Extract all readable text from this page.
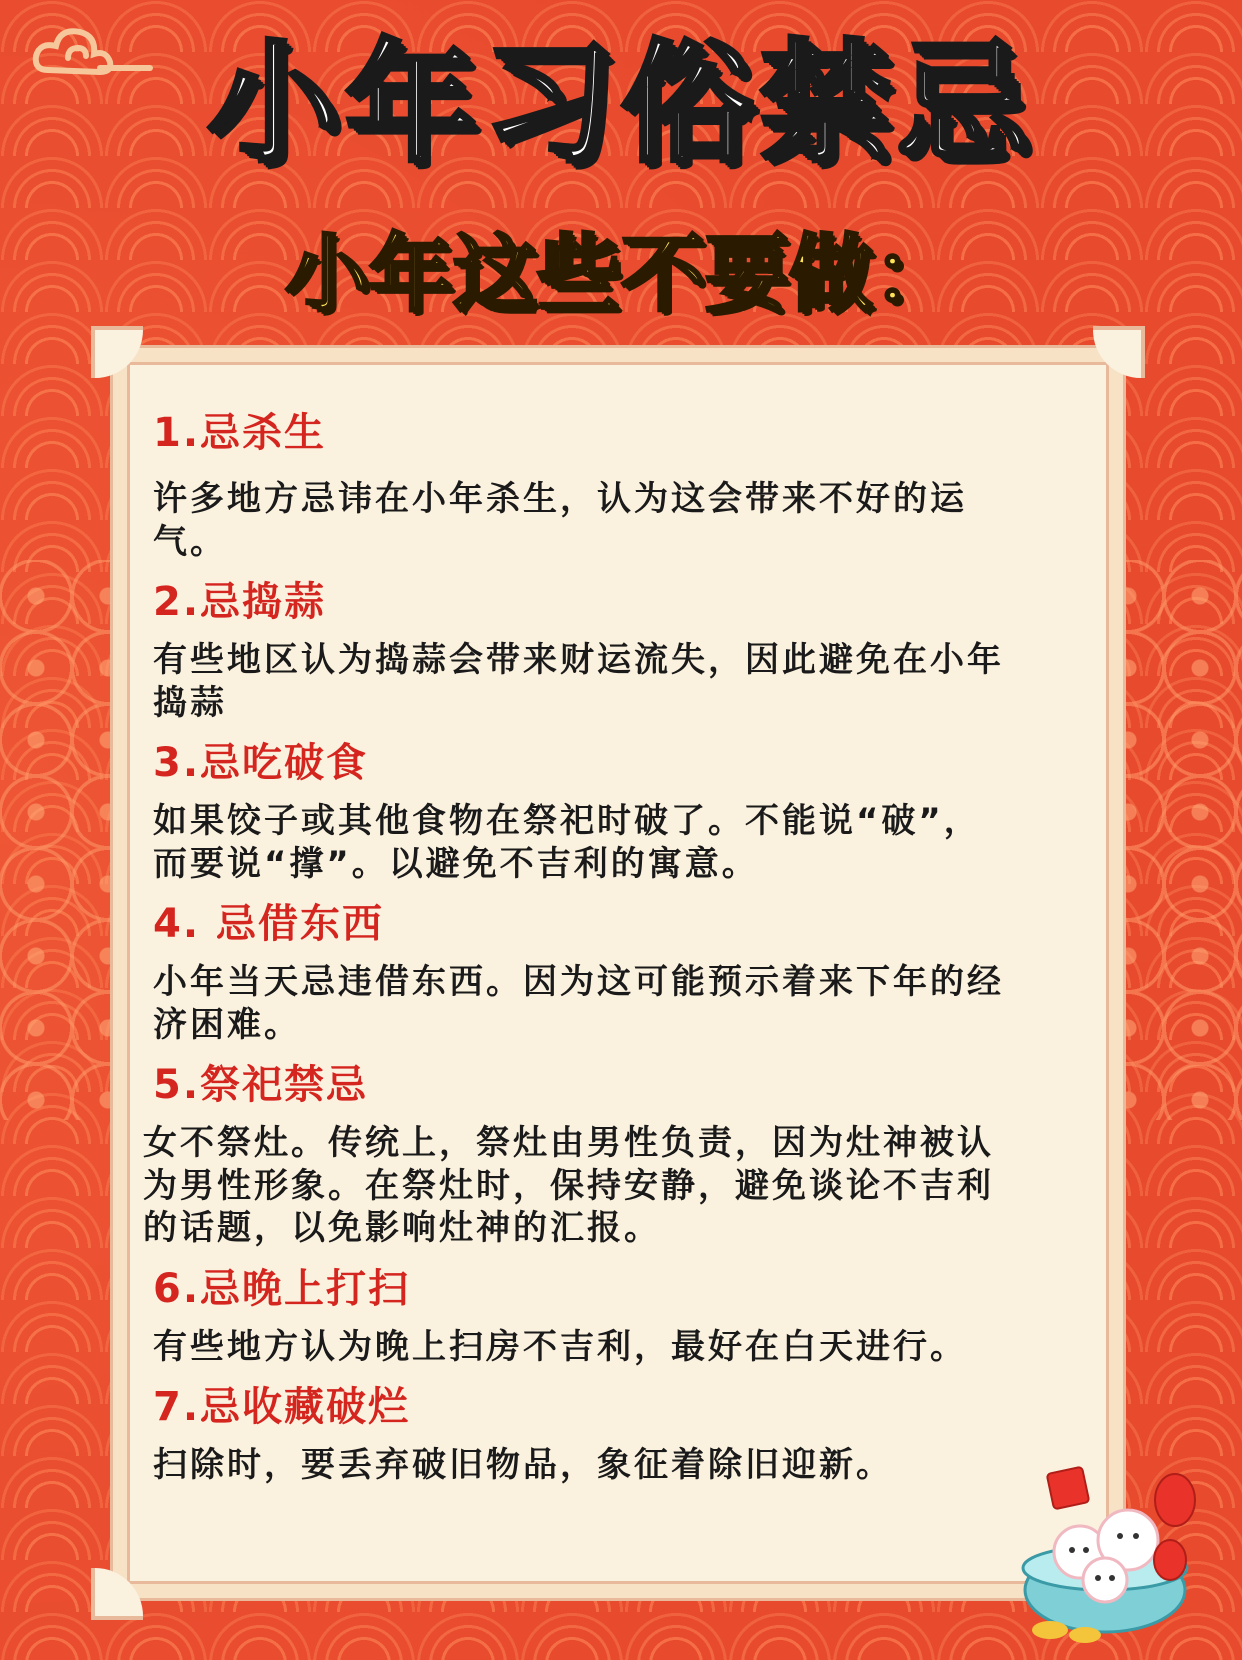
小年习俗禁忌
小年这些不要做：
1.忌杀生
许多地方忌讳在小年杀生，认为这会带来不好的运气。
2.忌捣蒜
有些地区认为捣蒜会带来财运流失，因此避免在小年捣蒜
3.忌吃破食
如果饺子或其他食物在祭祀时破了。不能说“破”，而要说“撑”。以避免不吉利的寓意。
4. 忌借东西
小年当天忌违借东西。因为这可能预示着来下年的经济困难。
5.祭祀禁忌
女不祭灶。传统上，祭灶由男性负责，因为灶神被认为男性形象。在祭灶时，保持安静，避免谈论不吉利的话题，以免影响灶神的汇报。
6.忌晚上打扫
有些地方认为晚上扫房不吉利，最好在白天进行。
7.忌收藏破烂
扫除时，要丢弃破旧物品，象征着除旧迎新。
